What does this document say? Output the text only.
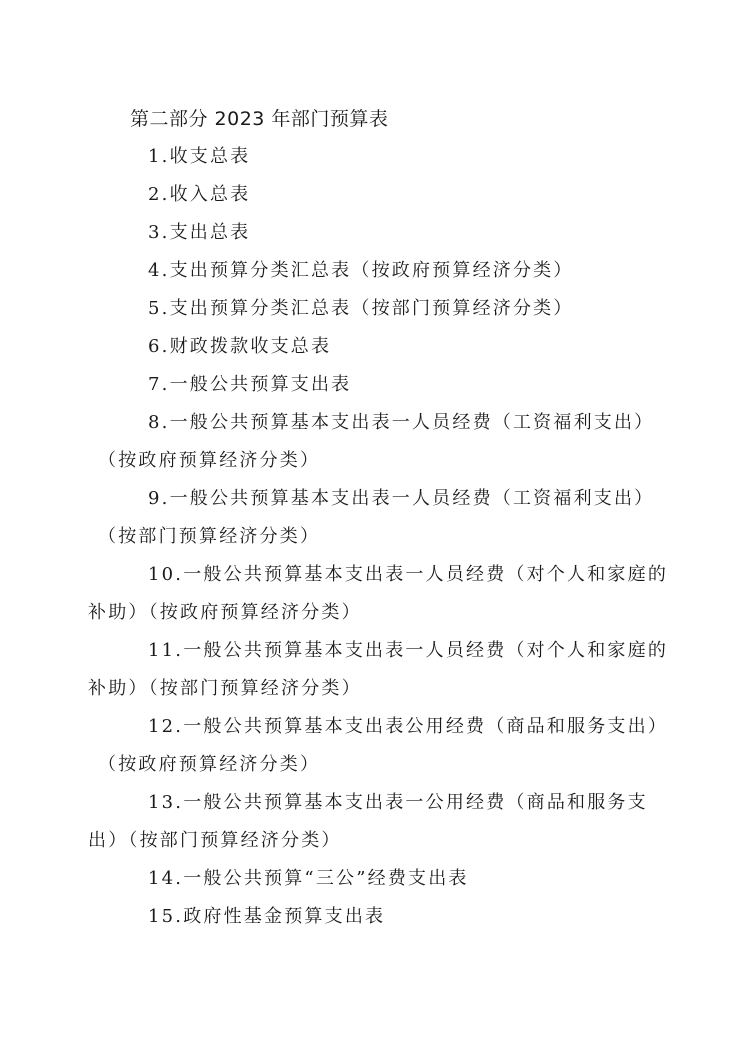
第二部分 2023 年部门预算表
1.收支总表
2.收入总表
3.支出总表
4.支出预算分类汇总表（按政府预算经济分类）
5.支出预算分类汇总表（按部门预算经济分类）
6.财政拨款收支总表
7.一般公共预算支出表
8.一般公共预算基本支出表一人员经费（工资福利支出）
（按政府预算经济分类）
9.一般公共预算基本支出表一人员经费（工资福利支出）
（按部门预算经济分类）
10.一般公共预算基本支出表一人员经费（对个人和家庭的
补助）（按政府预算经济分类）
11.一般公共预算基本支出表一人员经费（对个人和家庭的
补助）（按部门预算经济分类）
12.一般公共预算基本支出表公用经费（商品和服务支出）
（按政府预算经济分类）
13.一般公共预算基本支出表一公用经费（商品和服务支
出）（按部门预算经济分类）
14.一般公共预算“三公”经费支出表
15.政府性基金预算支出表
